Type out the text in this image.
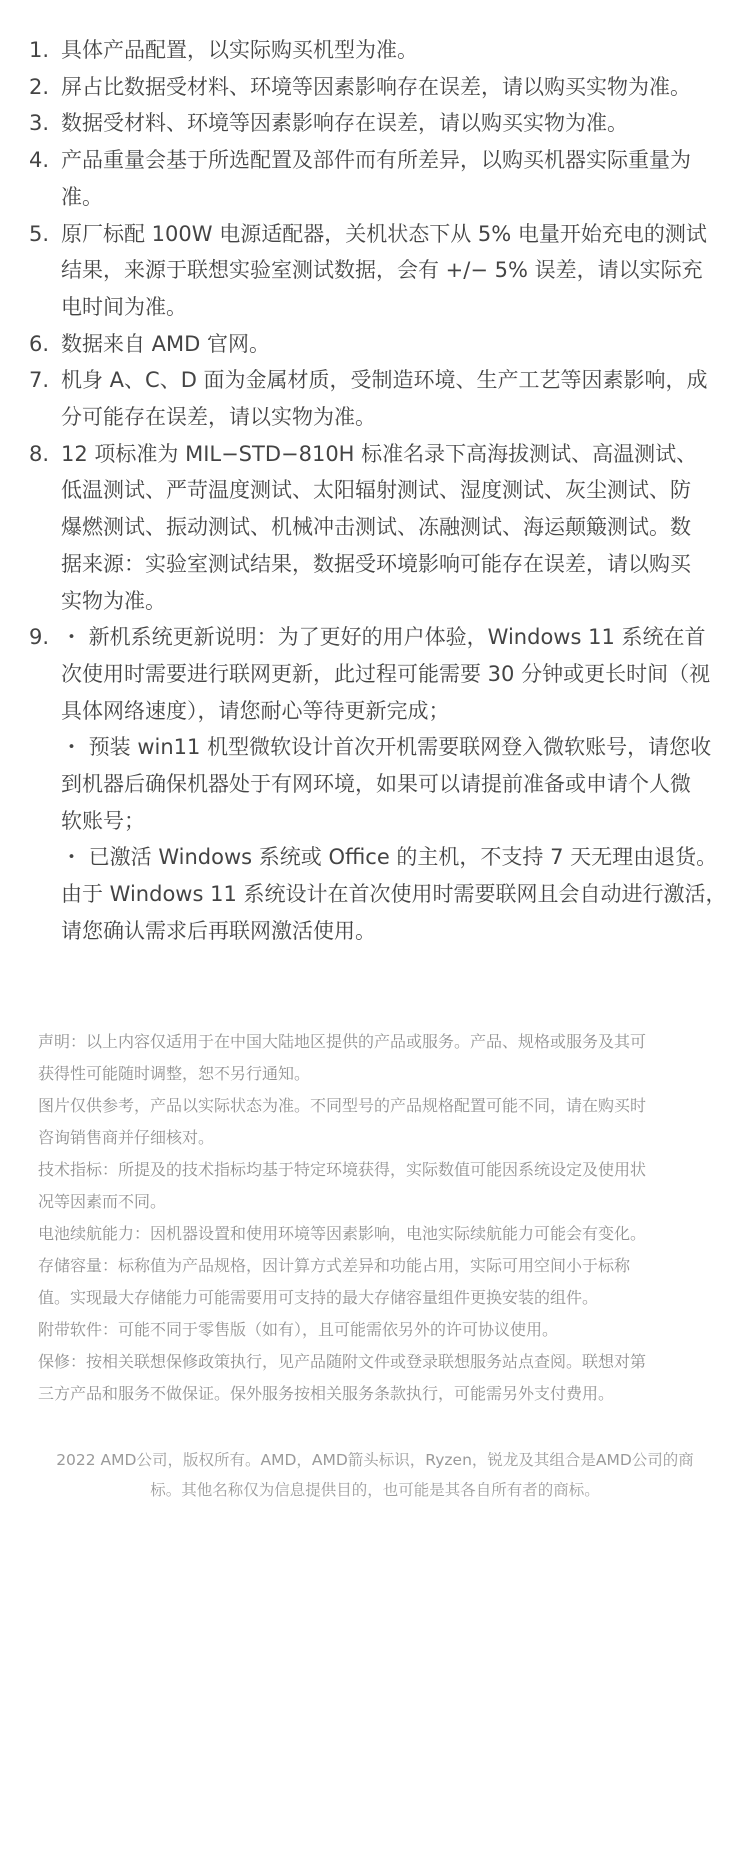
1. 具体产品配置，以实际购买机型为准。
2. 屏占比数据受材料、环境等因素影响存在误差，请以购买实物为准。
3. 数据受材料、环境等因素影响存在误差，请以购买实物为准。
4. 产品重量会基于所选配置及部件而有所差异，以购买机器实际重量为
准。
5. 原厂标配 100W 电源适配器，关机状态下从 5% 电量开始充电的测试
结果，来源于联想实验室测试数据，会有 +/− 5% 误差，请以实际充
电时间为准。
6. 数据来自 AMD 官网。
7. 机身 A、C、D 面为金属材质，受制造环境、生产工艺等因素影响，成
分可能存在误差，请以实物为准。
8. 12 项标准为 MIL−STD−810H 标准名录下高海拔测试、高温测试、
低温测试、严苛温度测试、太阳辐射测试、湿度测试、灰尘测试、防
爆燃测试、振动测试、机械冲击测试、冻融测试、海运颠簸测试。数
据来源：实验室测试结果，数据受环境影响可能存在误差，请以购买
实物为准。
9. ・ 新机系统更新说明：为了更好的用户体验，Windows 11 系统在首
次使用时需要进行联网更新，此过程可能需要 30 分钟或更长时间（视
具体网络速度），请您耐心等待更新完成；
・ 预装 win11 机型微软设计首次开机需要联网登入微软账号，请您收
到机器后确保机器处于有网环境，如果可以请提前准备或申请个人微
软账号；
・ 已激活 Windows 系统或 Office 的主机，不支持 7 天无理由退货。
由于 Windows 11 系统设计在首次使用时需要联网且会自动进行激活，
请您确认需求后再联网激活使用。
声明：以上内容仅适用于在中国大陆地区提供的产品或服务。产品、规格或服务及其可
获得性可能随时调整，恕不另行通知。
图片仅供参考，产品以实际状态为准。不同型号的产品规格配置可能不同，请在购买时
咨询销售商并仔细核对。
技术指标：所提及的技术指标均基于特定环境获得，实际数值可能因系统设定及使用状
况等因素而不同。
电池续航能力：因机器设置和使用环境等因素影响，电池实际续航能力可能会有变化。
存储容量：标称值为产品规格，因计算方式差异和功能占用，实际可用空间小于标称
值。实现最大存储能力可能需要用可支持的最大存储容量组件更换安装的组件。
附带软件：可能不同于零售版（如有），且可能需依另外的许可协议使用。
保修：按相关联想保修政策执行，见产品随附文件或登录联想服务站点查阅。联想对第
三方产品和服务不做保证。保外服务按相关服务条款执行，可能需另外支付费用。
2022 AMD公司，版权所有。AMD，AMD箭头标识，Ryzen，锐龙及其组合是AMD公司的商
标。其他名称仅为信息提供目的，也可能是其各自所有者的商标。
